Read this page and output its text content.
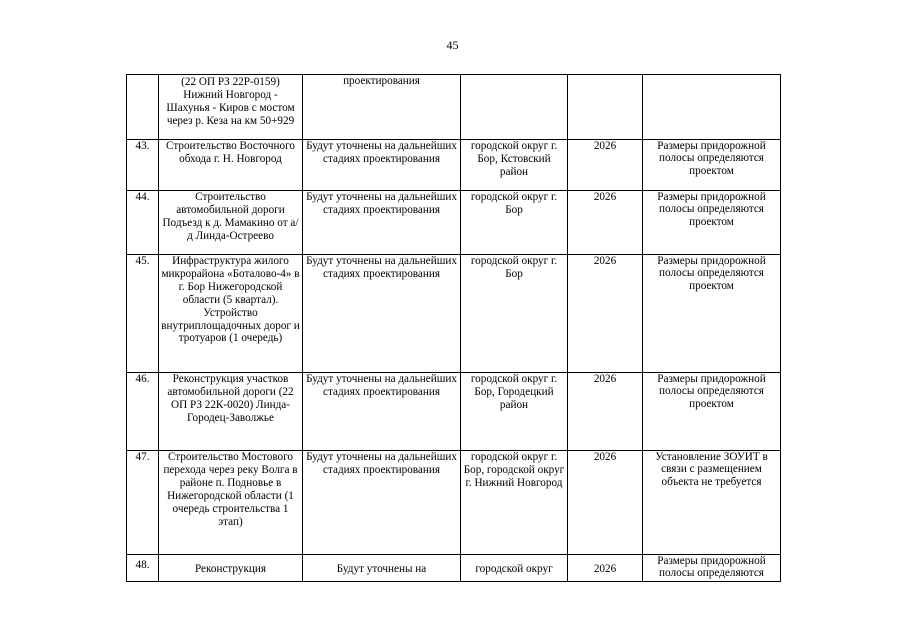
45
	(22 ОП РЗ 22Р-0159) Нижний Новгород - Шахунья - Киров с мостом через р. Кеза на км 50+929	проектирования			
43.	Строительство Восточного обхода г. Н. Новгород	Будут уточнены на дальнейших стадиях проектирования	городской округ г. Бор, Кстовский район	2026	Размеры придорожной полосы определяются проектом
44.	Строительство автомобильной дороги Подъезд к д. Мамакино от а/д Линда-Остреево	Будут уточнены на дальнейших стадиях проектирования	городской округ г. Бор	2026	Размеры придорожной полосы определяются проектом
45.	Инфраструктура жилого микрорайона «Боталово-4» в г. Бор Нижегородской области (5 квартал). Устройство внутриплощадочных дорог и тротуаров (1 очередь)	Будут уточнены на дальнейших стадиях проектирования	городской округ г. Бор	2026	Размеры придорожной полосы определяются проектом
46.	Реконструкция участков автомобильной дороги (22 ОП РЗ 22К-0020) Линда-Городец-Заволжье	Будут уточнены на дальнейших стадиях проектирования	городской округ г. Бор, Городецкий район	2026	Размеры придорожной полосы определяются проектом
47.	Строительство Мостового перехода через реку Волга в районе п. Подновье в Нижегородской области (1 очередь строительства 1 этап)	Будут уточнены на дальнейших стадиях проектирования	городской округ г. Бор, городской округ г. Нижний Новгород	2026	Установление ЗОУИТ в связи с размещением объекта не требуется
48.	Реконструкция	Будут уточнены на	городской округ	2026	Размеры придорожной полосы определяются
